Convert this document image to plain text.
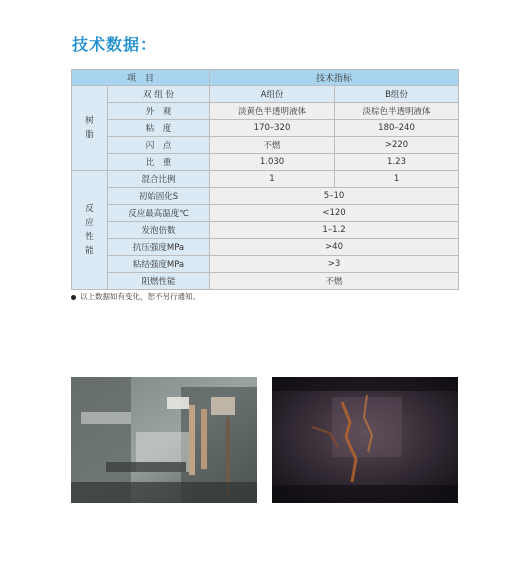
技术数据：
项　目		技术指标	
树
脂	双 组 份	A组份	B组份
	外　观	淡黄色半透明液体	淡棕色半透明液体
	粘　度	170–320	180–240
	闪　点	不燃	>220
	比　重	1.030	1.23
反
应
性
能	混合比例	1	1
	初始固化S	5–10	
	反应最高温度℃	<120	
	发泡倍数	1–1.2	
	抗压强度MPa	>40	
	粘结强度MPa	>3	
	阻燃性能	不燃	
以上数据如有变化，恕不另行通知。
